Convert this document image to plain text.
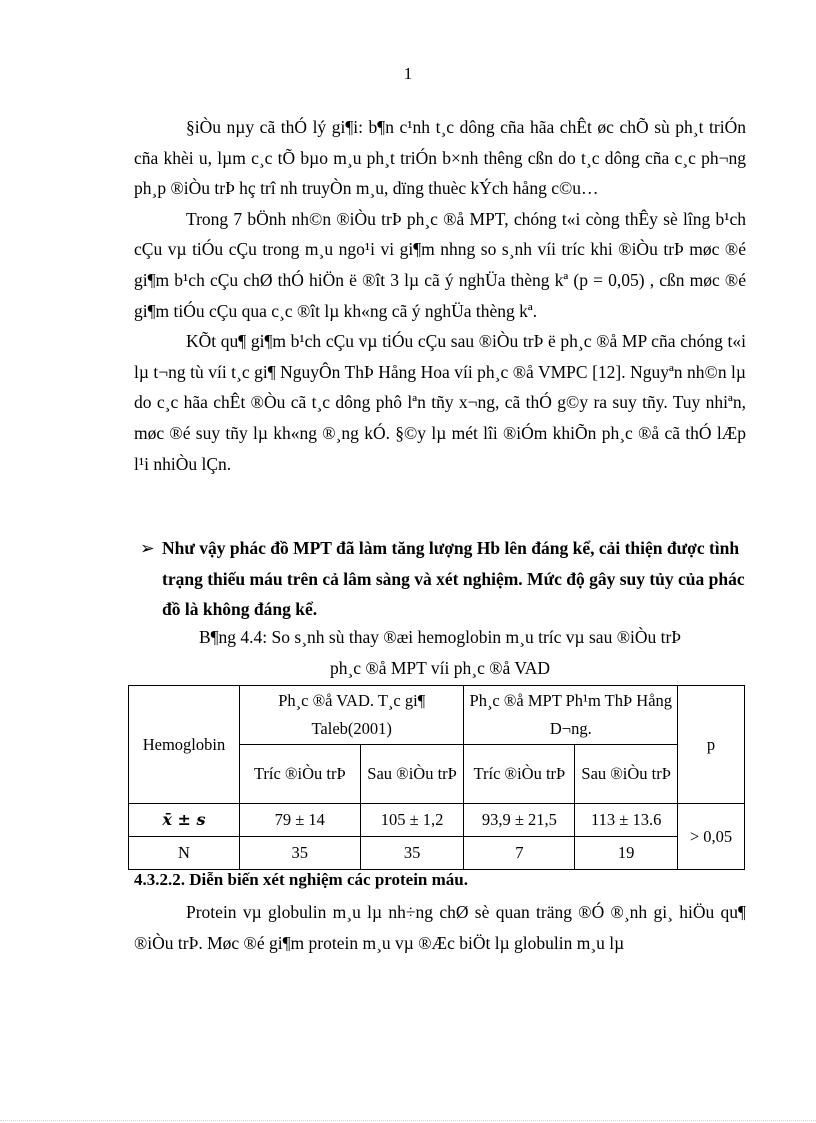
1

§iÒu nµy cã thÓ lý gi¶i: b¶n c¹nh t¸c dông cña hãa chÊt øc chÕ sù ph¸t triÓn cña khèi u, lµm c¸c tÕ bµo m¸u ph¸t triÓn b×nh thêng cßn do t¸c dông cña c¸c ph¬ng ph¸p ®iÒu trÞ hç trî nh truyÒn m¸u, dïng thuèc kÝch hång c©u…

Trong 7 bÖnh nh©n ®iÒu trÞ ph¸c ®å MPT, chóng t«i còng thÊy sè lîng b¹ch cÇu vµ tiÓu cÇu trong m¸u ngo¹i vi gi¶m nhng so s¸nh víi tríc khi ®iÒu trÞ møc ®é gi¶m b¹ch cÇu chØ thÓ hiÖn ë ®ît 3 lµ cã ý nghÜa thèng kª (p = 0,05) , cßn møc ®é gi¶m tiÓu cÇu qua c¸c ®ît lµ kh«ng cã ý nghÜa thèng kª.

KÕt qu¶ gi¶m b¹ch cÇu vµ tiÓu cÇu sau ®iÒu trÞ ë ph¸c ®å MP cña chóng t«i lµ t¬ng tù víi t¸c gi¶ NguyÔn ThÞ Hång Hoa víi ph¸c ®å VMPC [12]. Nguyªn nh©n lµ do c¸c hãa chÊt ®Òu cã t¸c dông phô lªn tñy x¬ng, cã thÓ g©y ra suy tñy. Tuy nhiªn, møc ®é suy tñy lµ kh«ng ®¸ng kÓ. §©y lµ mét lîi ®iÓm khiÕn ph¸c ®å cã thÓ lÆp l¹i nhiÒu lÇn.

➢ Như vậy phác đồ MPT đã làm tăng lượng Hb lên đáng kể, cải thiện được tình trạng thiếu máu trên cả lâm sàng và xét nghiệm. Mức độ gây suy tủy của phác đồ là không đáng kể.

B¶ng 4.4: So s¸nh sù thay ®æi hemoglobin m¸u tríc vµ sau ®iÒu trÞ
ph¸c ®å MPT víi ph¸c ®å VAD
Hemoglobin	Ph¸c ®å VAD. T¸c gi¶ Taleb(2001)		Ph¸c ®å MPT Ph¹m ThÞ Hång D¬ng.		p
	Tríc ®iÒu trÞ	Sau ®iÒu trÞ	Tríc ®iÒu trÞ	Sau ®iÒu trÞ	
x̄ ± s	79 ± 14	105 ± 1,2	93,9 ± 21,5	113 ± 13.6	> 0,05
N	35	35	7	19	

4.3.2.2. Diễn biến xét nghiệm các protein máu.

Protein vµ globulin m¸u lµ nh÷ng chØ sè quan träng ®Ó ®¸nh gi¸ hiÖu qu¶ ®iÒu trÞ. Møc ®é gi¶m protein m¸u vµ ®Æc biÖt lµ globulin m¸u lµ
